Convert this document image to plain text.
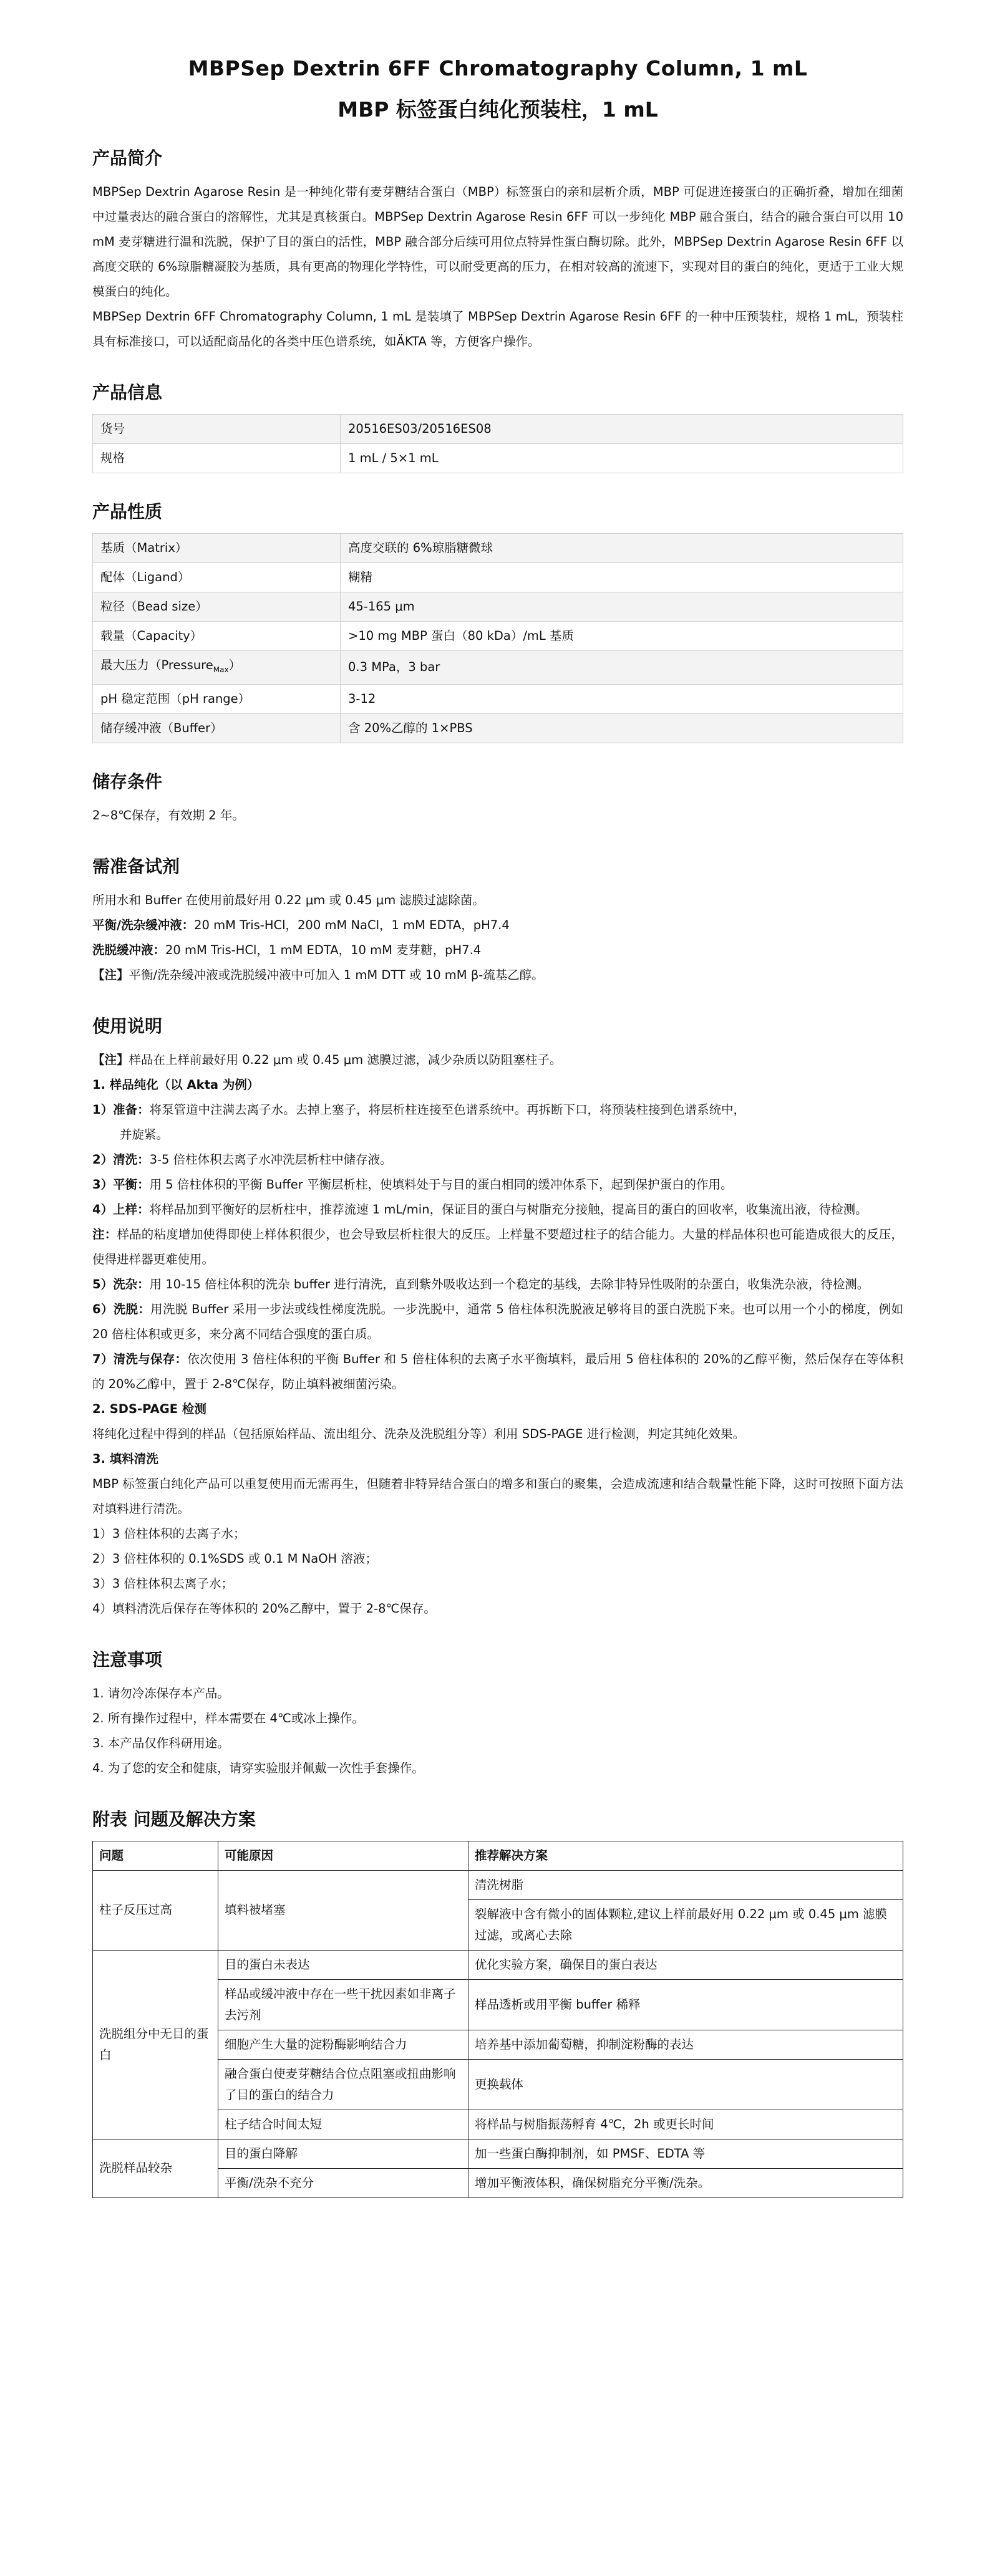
MBPSep Dextrin 6FF Chromatography Column, 1 mL
MBP 标签蛋白纯化预装柱，1 mL
产品简介

MBPSep Dextrin Agarose Resin 是一种纯化带有麦芽糖结合蛋白（MBP）标签蛋白的亲和层析介质，MBP 可促进连接蛋白的正确折叠，增加在细菌中过量表达的融合蛋白的溶解性，尤其是真核蛋白。MBPSep Dextrin Agarose Resin 6FF 可以一步纯化 MBP 融合蛋白，结合的融合蛋白可以用 10 mM 麦芽糖进行温和洗脱，保护了目的蛋白的活性，MBP 融合部分后续可用位点特异性蛋白酶切除。此外，MBPSep Dextrin Agarose Resin 6FF 以高度交联的 6%琼脂糖凝胶为基质，具有更高的物理化学特性，可以耐受更高的压力，在相对较高的流速下，实现对目的蛋白的纯化，更适于工业大规模蛋白的纯化。

MBPSep Dextrin 6FF Chromatography Column, 1 mL 是装填了 MBPSep Dextrin Agarose Resin 6FF 的一种中压预装柱，规格 1 mL，预装柱具有标准接口，可以适配商品化的各类中压色谱系统，如ÄKTA 等，方便客户操作。

产品信息
货号	20516ES03/20516ES08
规格	1 mL / 5×1 mL
产品性质
基质（Matrix）	高度交联的 6%琼脂糖微球
配体（Ligand）	糊精
粒径（Bead size）	45-165 μm
载量（Capacity）	>10 mg MBP 蛋白（80 kDa）/mL 基质
最大压力（Pressure$_{Max}$）	0.3 MPa，3 bar
pH 稳定范围（pH range）	3-12
储存缓冲液（Buffer）	含 20%乙醇的 1×PBS
储存条件

2~8℃保存，有效期 2 年。

需准备试剂

所用水和 Buffer 在使用前最好用 0.22 μm 或 0.45 μm 滤膜过滤除菌。

平衡/洗杂缓冲液：20 mM Tris-HCl，200 mM NaCl，1 mM EDTA，pH7.4

洗脱缓冲液：20 mM Tris-HCl，1 mM EDTA，10 mM 麦芽糖，pH7.4

【注】平衡/洗杂缓冲液或洗脱缓冲液中可加入 1 mM DTT 或 10 mM β-巯基乙醇。

使用说明

【注】样品在上样前最好用 0.22 μm 或 0.45 μm 滤膜过滤，减少杂质以防阻塞柱子。

1. 样品纯化（以 Akta 为例）

1）准备：将泵管道中注满去离子水。去掉上塞子，将层析柱连接至色谱系统中。再拆断下口，将预装柱接到色谱系统中，

并旋紧。

2）清洗：3-5 倍柱体积去离子水冲洗层析柱中储存液。

3）平衡：用 5 倍柱体积的平衡 Buffer 平衡层析柱，使填料处于与目的蛋白相同的缓冲体系下，起到保护蛋白的作用。

4）上样：将样品加到平衡好的层析柱中，推荐流速 1 mL/min，保证目的蛋白与树脂充分接触，提高目的蛋白的回收率，收集流出液，待检测。

注：样品的粘度增加使得即使上样体积很少，也会导致层析柱很大的反压。上样量不要超过柱子的结合能力。大量的样品体积也可能造成很大的反压，使得进样器更难使用。

5）洗杂：用 10-15 倍柱体积的洗杂 buffer 进行清洗，直到紫外吸收达到一个稳定的基线，去除非特异性吸附的杂蛋白，收集洗杂液，待检测。

6）洗脱：用洗脱 Buffer 采用一步法或线性梯度洗脱。一步洗脱中，通常 5 倍柱体积洗脱液足够将目的蛋白洗脱下来。也可以用一个小的梯度，例如 20 倍柱体积或更多，来分离不同结合强度的蛋白质。

7）清洗与保存：依次使用 3 倍柱体积的平衡 Buffer 和 5 倍柱体积的去离子水平衡填料，最后用 5 倍柱体积的 20%的乙醇平衡，然后保存在等体积的 20%乙醇中，置于 2-8℃保存，防止填料被细菌污染。

2. SDS-PAGE 检测

将纯化过程中得到的样品（包括原始样品、流出组分、洗杂及洗脱组分等）利用 SDS-PAGE 进行检测，判定其纯化效果。

3. 填料清洗

MBP 标签蛋白纯化产品可以重复使用而无需再生，但随着非特异结合蛋白的增多和蛋白的聚集，会造成流速和结合载量性能下降，这时可按照下面方法对填料进行清洗。

1）3 倍柱体积的去离子水；

2）3 倍柱体积的 0.1%SDS 或 0.1 M NaOH 溶液；

3）3 倍柱体积去离子水；

4）填料清洗后保存在等体积的 20%乙醇中，置于 2-8℃保存。

注意事项

1. 请勿冷冻保存本产品。

2. 所有操作过程中，样本需要在 4℃或冰上操作。

3. 本产品仅作科研用途。

4. 为了您的安全和健康，请穿实验服并佩戴一次性手套操作。

附表 问题及解决方案
问题	可能原因	推荐解决方案
柱子反压过高	填料被堵塞	清洗树脂
		裂解液中含有微小的固体颗粒,建议上样前最好用 0.22 μm 或 0.45 μm 滤膜过滤，或离心去除
洗脱组分中无目的蛋白	目的蛋白未表达	优化实验方案，确保目的蛋白表达
	样品或缓冲液中存在一些干扰因素如非离子去污剂	样品透析或用平衡 buffer 稀释
	细胞产生大量的淀粉酶影响结合力	培养基中添加葡萄糖，抑制淀粉酶的表达
	融合蛋白使麦芽糖结合位点阻塞或扭曲影响了目的蛋白的结合力	更换载体
	柱子结合时间太短	将样品与树脂振荡孵育 4℃，2h 或更长时间
洗脱样品较杂	目的蛋白降解	加一些蛋白酶抑制剂，如 PMSF、EDTA 等
	平衡/洗杂不充分	增加平衡液体积，确保树脂充分平衡/洗杂。
